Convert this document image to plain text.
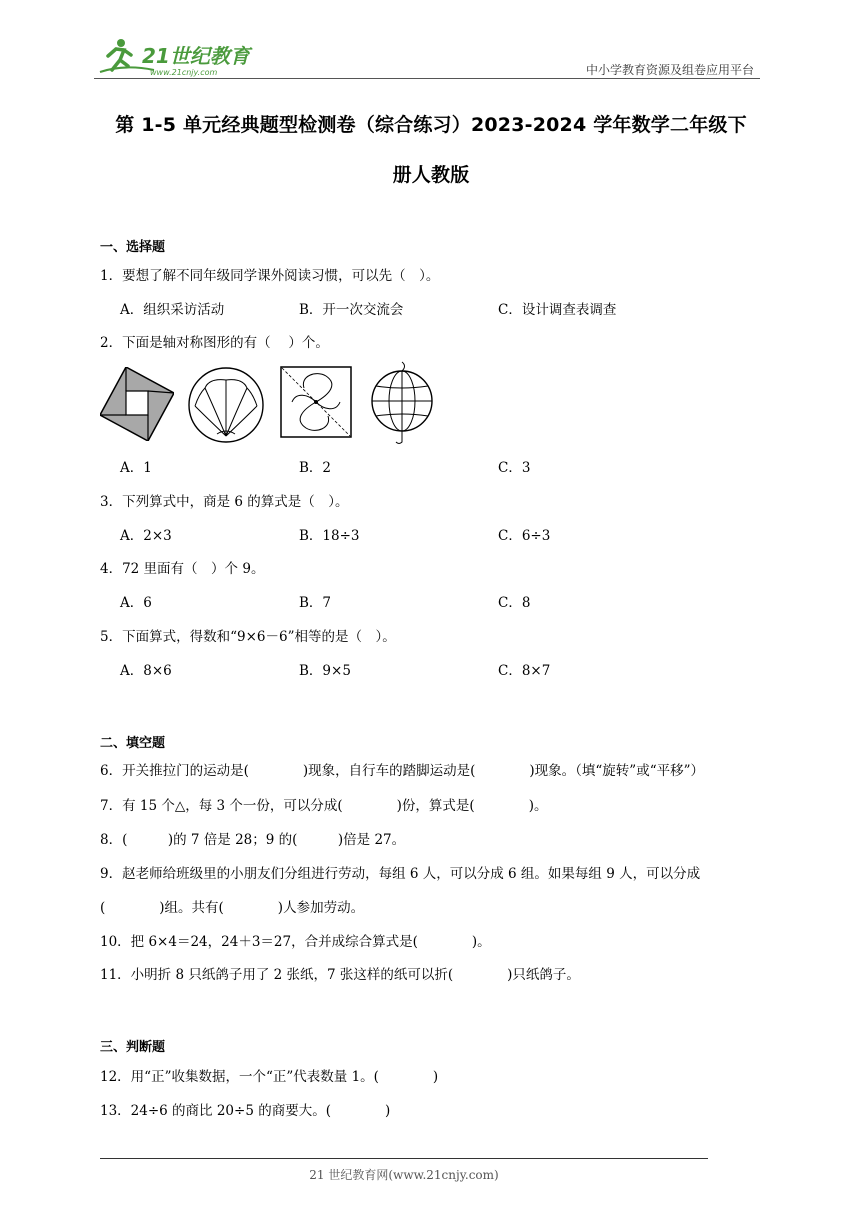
21世纪教育
www.21cnjy.com	中小学教育资源及组卷应用平台
第 1-5 单元经典题型检测卷（综合练习）2023-2024 学年数学二年级下
册人教版
一、选择题
1．要想了解不同年级同学课外阅读习惯，可以先（　）。
A．组织采访活动	B．开一次交流会	C．设计调查表调查
2．下面是轴对称图形的有（　 ）个。
A．1	B．2	C．3
3．下列算式中，商是 6 的算式是（　）。
A．2×3	B．18÷3	C．6÷3
4．72 里面有（　）个 9。
A．6	B．7	C．8
5．下面算式，得数和“9×6－6”相等的是（　）。
A．8×6	B．9×5	C．8×7
二、填空题
6．开关推拉门的运动是(　　　　)现象，自行车的踏脚运动是(　　　　)现象。（填“旋转”或“平移”）
7．有 15 个△，每 3 个一份，可以分成(　　　　)份，算式是(　　　　)。
8．(　　　)的 7 倍是 28；9 的(　　　)倍是 27。
9．赵老师给班级里的小朋友们分组进行劳动，每组 6 人，可以分成 6 组。如果每组 9 人，可以分成
(　　　　)组。共有(　　　　)人参加劳动。
10．把 6×4＝24，24＋3＝27，合并成综合算式是(　　　　)。
11．小明折 8 只纸鸽子用了 2 张纸，7 张这样的纸可以折(　　　　)只纸鸽子。
三、判断题
12．用“正”收集数据，一个“正”代表数量 1。(　　　　)
13．24÷6 的商比 20÷5 的商要大。(　　　　)
21 世纪教育网(www.21cnjy.com)
